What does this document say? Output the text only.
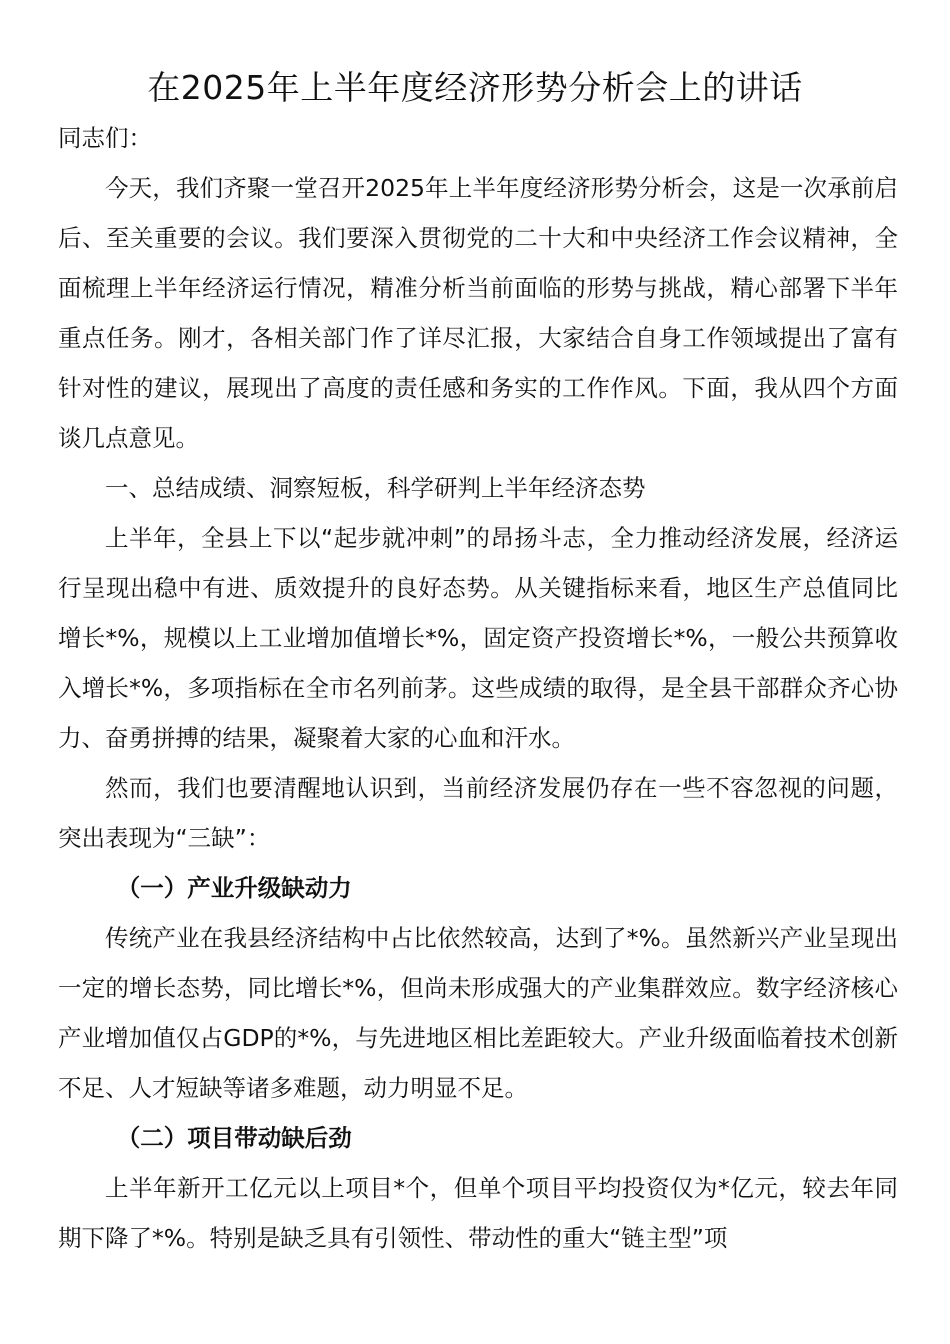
在2025年上半年度经济形势分析会上的讲话

同志们：

今天，我们齐聚一堂召开2025年上半年度经济形势分析会，这是一次承前启后、至关重要的会议。我们要深入贯彻党的二十大和中央经济工作会议精神，全面梳理上半年经济运行情况，精准分析当前面临的形势与挑战，精心部署下半年重点任务。刚才，各相关部门作了详尽汇报，大家结合自身工作领域提出了富有针对性的建议，展现出了高度的责任感和务实的工作作风。下面，我从四个方面谈几点意见。

一、总结成绩、洞察短板，科学研判上半年经济态势

上半年，全县上下以“起步就冲刺”的昂扬斗志，全力推动经济发展，经济运行呈现出稳中有进、质效提升的良好态势。从关键指标来看，地区生产总值同比增长*%，规模以上工业增加值增长*%，固定资产投资增长*%，一般公共预算收入增长*%，多项指标在全市名列前茅。这些成绩的取得，是全县干部群众齐心协力、奋勇拼搏的结果，凝聚着大家的心血和汗水。

然而，我们也要清醒地认识到，当前经济发展仍存在一些不容忽视的问题，突出表现为“三缺”：

（一）产业升级缺动力

传统产业在我县经济结构中占比依然较高，达到了*%。虽然新兴产业呈现出一定的增长态势，同比增长*%，但尚未形成强大的产业集群效应。数字经济核心产业增加值仅占GDP的*%，与先进地区相比差距较大。产业升级面临着技术创新不足、人才短缺等诸多难题，动力明显不足。

（二）项目带动缺后劲

上半年新开工亿元以上项目*个，但单个项目平均投资仅为*亿元，较去年同期下降了*%。特别是缺乏具有引领性、带动性的重大“链主型”项
